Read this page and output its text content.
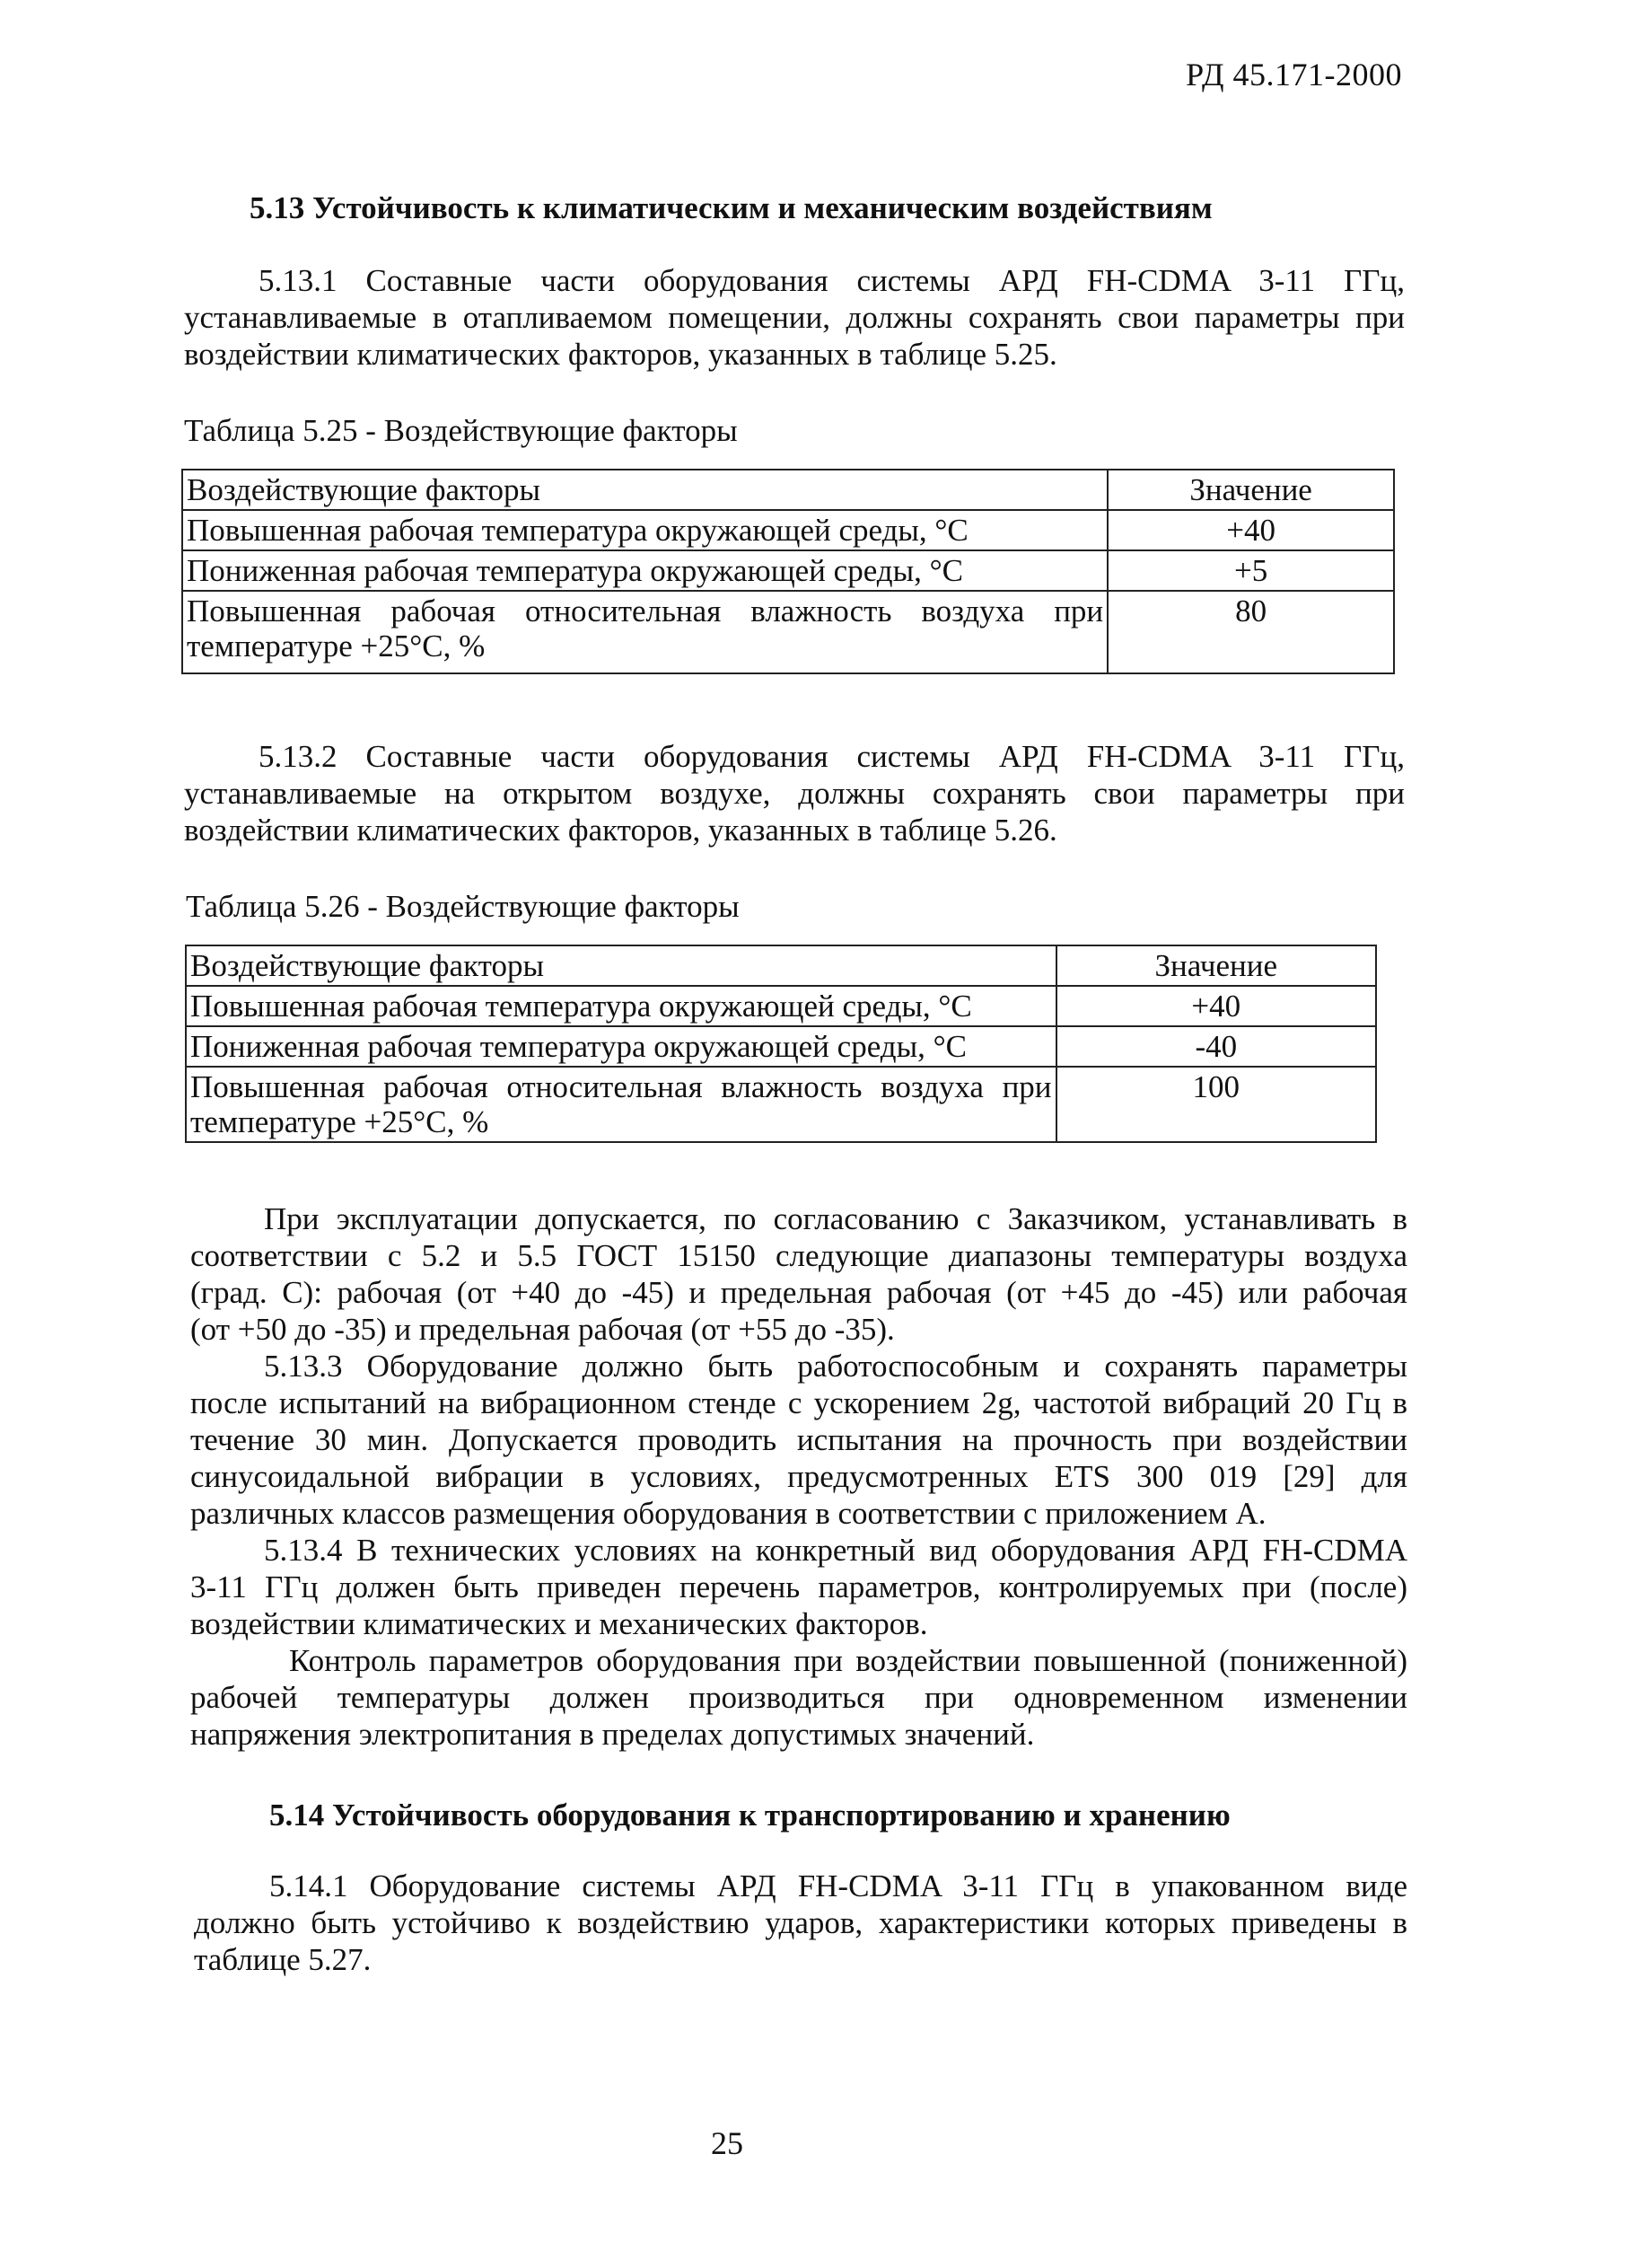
РД 45.171-2000
5.13 Устойчивость к климатическим и механическим воздействиям
5.13.1 Составные части оборудования системы АРД FH-CDMA 3-11 ГГц,
устанавливаемые в отапливаемом помещении, должны сохранять свои параметры при
воздействии климатических факторов, указанных в таблице 5.25.
Таблица 5.25 - Воздействующие факторы
Воздействующие факторы	Значение
Повышенная рабочая температура окружающей среды, °С	+40
Пониженная рабочая температура окружающей среды, °С	+5

Повышенная рабочая относительная влажность воздуха при
температуре +25°С, %	80
5.13.2 Составные части оборудования системы АРД FH-CDMA 3-11 ГГц,
устанавливаемые на открытом воздухе, должны сохранять свои параметры при
воздействии климатических факторов, указанных в таблице 5.26.
Таблица 5.26 - Воздействующие факторы
Воздействующие факторы	Значение
Повышенная рабочая температура окружающей среды, °С	+40
Пониженная рабочая температура окружающей среды, °С	-40

Повышенная рабочая относительная влажность воздуха при
температуре +25°С, %	100
При эксплуатации допускается, по согласованию с Заказчиком, устанавливать в
соответствии с 5.2 и 5.5 ГОСТ 15150 следующие диапазоны температуры воздуха
(град. С): рабочая (от +40 до -45) и предельная рабочая (от +45 до -45) или рабочая
(от +50 до -35) и предельная рабочая (от +55 до -35).
5.13.3 Оборудование должно быть работоспособным и сохранять параметры
после испытаний на вибрационном стенде с ускорением 2g, частотой вибраций 20 Гц в
течение 30 мин. Допускается проводить испытания на прочность при воздействии
синусоидальной вибрации в условиях, предусмотренных ETS 300 019 [29] для
различных классов размещения оборудования в соответствии с приложением А.
5.13.4 В технических условиях на конкретный вид оборудования АРД FH-CDMA
3-11 ГГц должен быть приведен перечень параметров, контролируемых при (после)
воздействии климатических и механических факторов.
Контроль параметров оборудования при воздействии повышенной (пониженной)
рабочей температуры должен производиться при одновременном изменении
напряжения электропитания в пределах допустимых значений.
5.14 Устойчивость оборудования к транспортированию и хранению
5.14.1 Оборудование системы АРД FH-CDMA 3-11 ГГц в упакованном виде
должно быть устойчиво к воздействию ударов, характеристики которых приведены в
таблице 5.27.
25
